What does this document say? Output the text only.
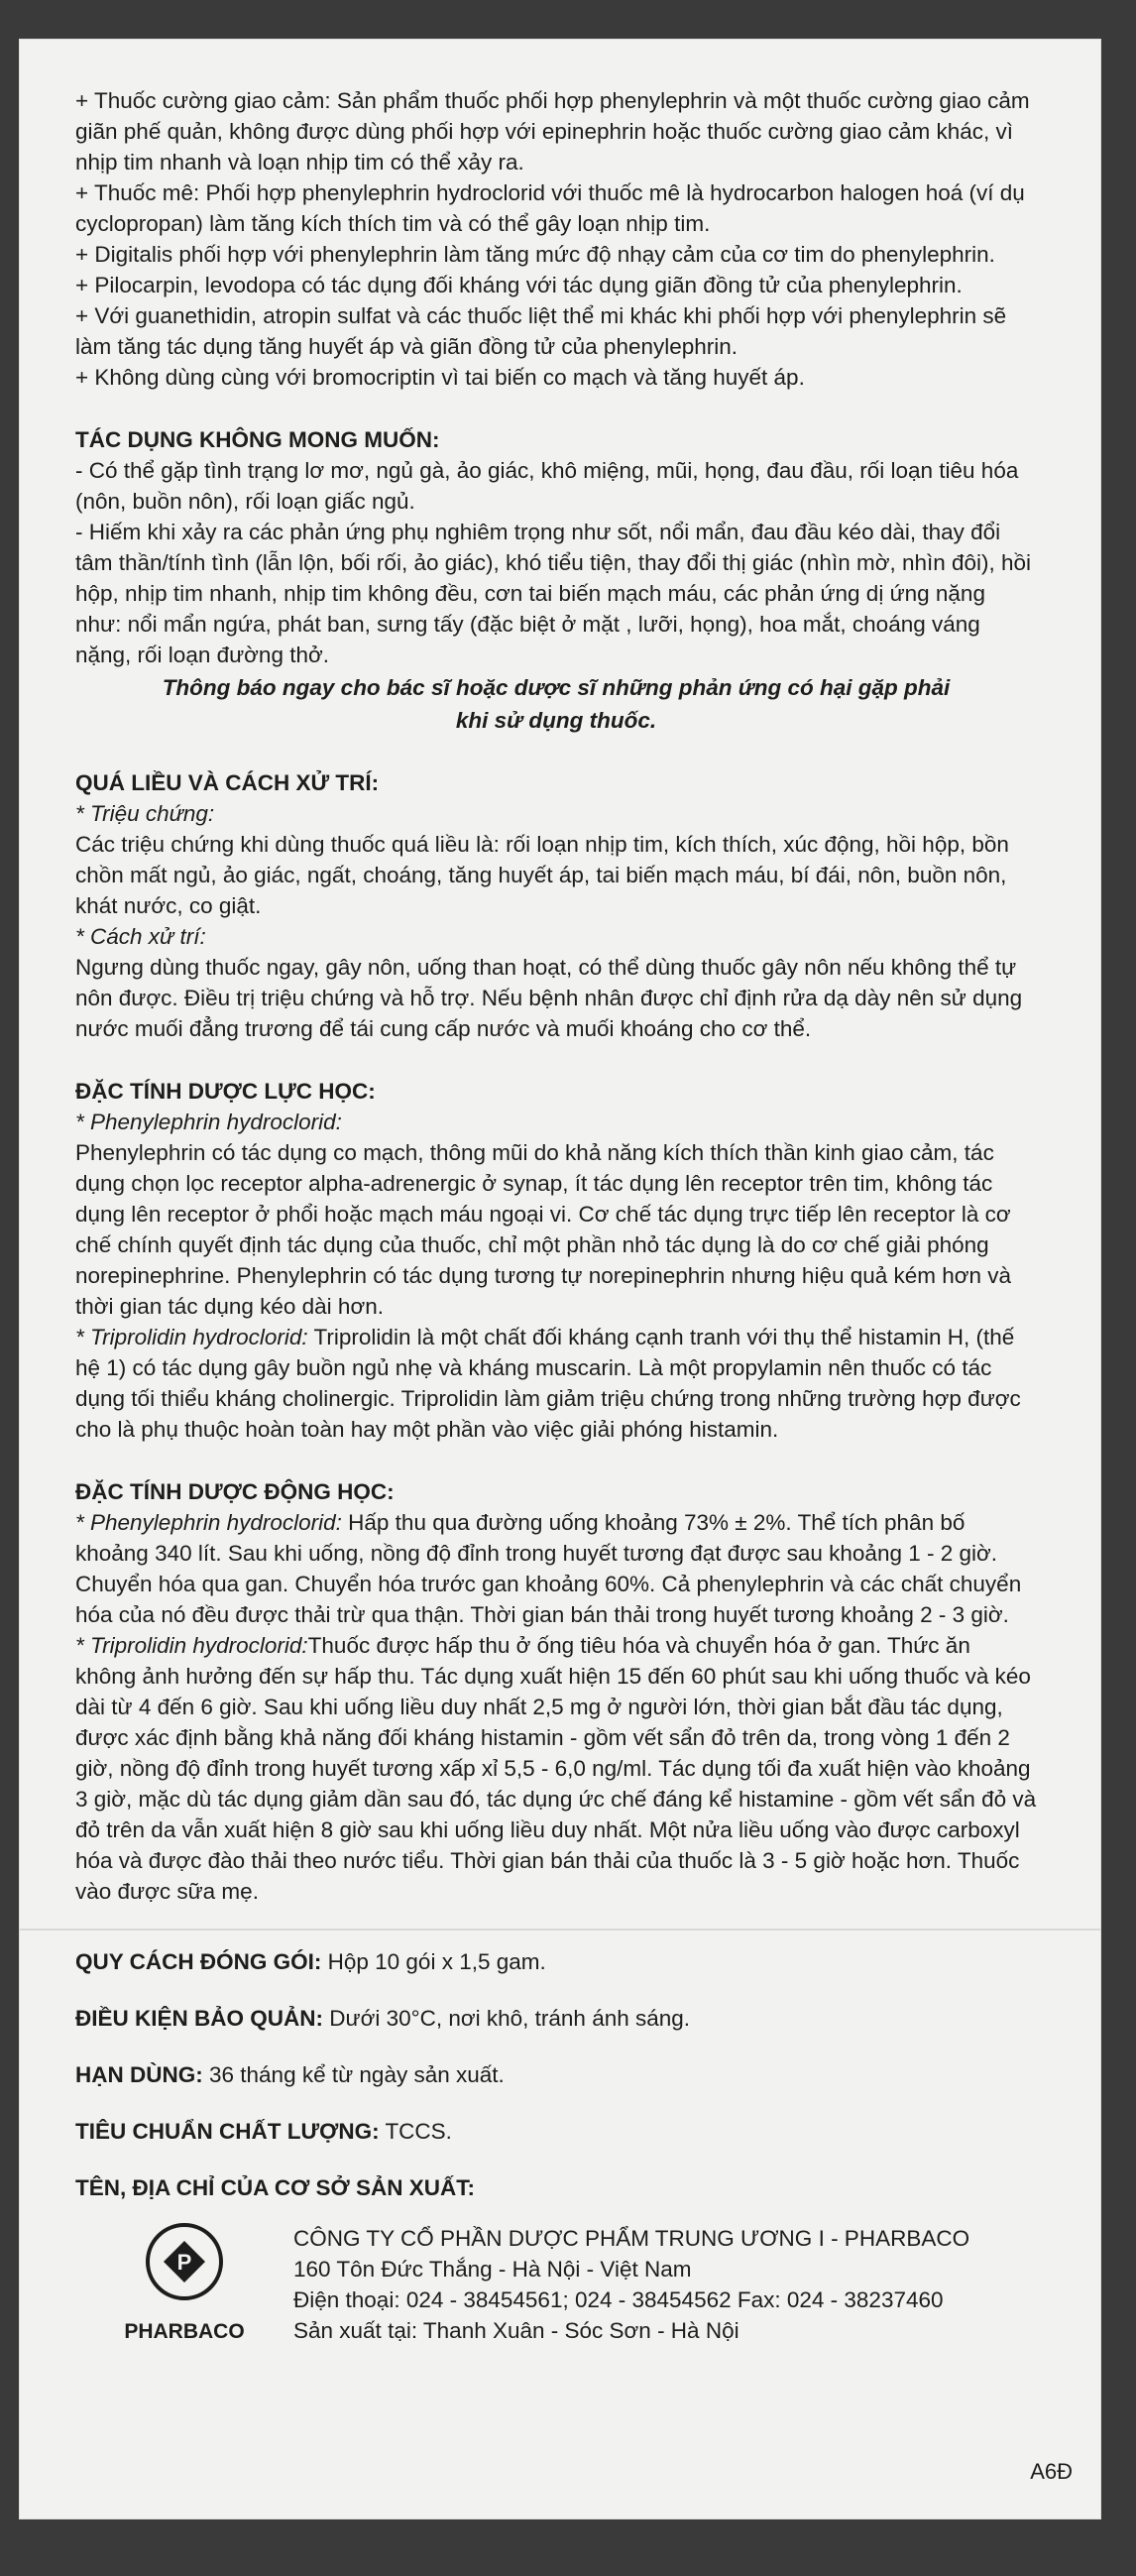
+ Thuốc cường giao cảm: Sản phẩm thuốc phối hợp phenylephrin và một thuốc cường giao cảm giãn phế quản, không được dùng phối hợp với epinephrin hoặc thuốc cường giao cảm khác, vì nhịp tim nhanh và loạn nhịp tim có thể xảy ra.

+ Thuốc mê: Phối hợp phenylephrin hydroclorid với thuốc mê là hydrocarbon halogen hoá (ví dụ cyclopropan) làm tăng kích thích tim và có thể gây loạn nhịp tim.

+ Digitalis phối hợp với phenylephrin làm tăng mức độ nhạy cảm của cơ tim do phenylephrin.

+ Pilocarpin, levodopa có tác dụng đối kháng với tác dụng giãn đồng tử của phenylephrin.

+ Với guanethidin, atropin sulfat và các thuốc liệt thể mi khác khi phối hợp với phenylephrin sẽ làm tăng tác dụng tăng huyết áp và giãn đồng tử của phenylephrin.

+ Không dùng cùng với bromocriptin vì tai biến co mạch và tăng huyết áp.

TÁC DỤNG KHÔNG MONG MUỐN:

- Có thể gặp tình trạng lơ mơ, ngủ gà, ảo giác, khô miệng, mũi, họng, đau đầu, rối loạn tiêu hóa (nôn, buồn nôn), rối loạn giấc ngủ.

- Hiếm khi xảy ra các phản ứng phụ nghiêm trọng như sốt, nổi mẩn, đau đầu kéo dài, thay đổi tâm thần/tính tình (lẫn lộn, bối rối, ảo giác), khó tiểu tiện, thay đổi thị giác (nhìn mờ, nhìn đôi), hồi hộp, nhịp tim nhanh, nhịp tim không đều, cơn tai biến mạch máu, các phản ứng dị ứng nặng như: nổi mẩn ngứa, phát ban, sưng tấy (đặc biệt ở mặt , lưỡi, họng), hoa mắt, choáng váng nặng, rối loạn đường thở.

Thông báo ngay cho bác sĩ hoặc dược sĩ những phản ứng có hại gặp phải

khi sử dụng thuốc.

QUÁ LIỀU VÀ CÁCH XỬ TRÍ:

* Triệu chứng:

Các triệu chứng khi dùng thuốc quá liều là: rối loạn nhịp tim, kích thích, xúc động, hồi hộp, bồn chồn mất ngủ, ảo giác, ngất, choáng, tăng huyết áp, tai biến mạch máu, bí đái, nôn, buồn nôn, khát nước, co giật.

* Cách xử trí:

Ngưng dùng thuốc ngay, gây nôn, uống than hoạt, có thể dùng thuốc gây nôn nếu không thể tự nôn được. Điều trị triệu chứng và hỗ trợ. Nếu bệnh nhân được chỉ định rửa dạ dày nên sử dụng nước muối đẳng trương để tái cung cấp nước và muối khoáng cho cơ thể.

ĐẶC TÍNH DƯỢC LỰC HỌC:

* Phenylephrin hydroclorid:

Phenylephrin có tác dụng co mạch, thông mũi do khả năng kích thích thần kinh giao cảm, tác dụng chọn lọc receptor alpha-adrenergic ở synap, ít tác dụng lên receptor trên tim, không tác dụng lên receptor ở phổi hoặc mạch máu ngoại vi. Cơ chế tác dụng trực tiếp lên receptor là cơ chế chính quyết định tác dụng của thuốc, chỉ một phần nhỏ tác dụng là do cơ chế giải phóng norepinephrine. Phenylephrin có tác dụng tương tự norepinephrin nhưng hiệu quả kém hơn và thời gian tác dụng kéo dài hơn.

* Triprolidin hydroclorid: Triprolidin là một chất đối kháng cạnh tranh với thụ thể histamin H, (thế hệ 1) có tác dụng gây buồn ngủ nhẹ và kháng muscarin. Là một propylamin nên thuốc có tác dụng tối thiểu kháng cholinergic. Triprolidin làm giảm triệu chứng trong những trường hợp được cho là phụ thuộc hoàn toàn hay một phần vào việc giải phóng histamin.

ĐẶC TÍNH DƯỢC ĐỘNG HỌC:

* Phenylephrin hydroclorid: Hấp thu qua đường uống khoảng 73% ± 2%. Thể tích phân bố khoảng 340 lít. Sau khi uống, nồng độ đỉnh trong huyết tương đạt được sau khoảng 1 - 2 giờ. Chuyển hóa qua gan. Chuyển hóa trước gan khoảng 60%. Cả phenylephrin và các chất chuyển hóa của nó đều được thải trừ qua thận. Thời gian bán thải trong huyết tương khoảng 2 - 3 giờ.

* Triprolidin hydroclorid:Thuốc được hấp thu ở ống tiêu hóa và chuyển hóa ở gan. Thức ăn không ảnh hưởng đến sự hấp thu. Tác dụng xuất hiện 15 đến 60 phút sau khi uống thuốc và kéo dài từ 4 đến 6 giờ. Sau khi uống liều duy nhất 2,5 mg ở người lớn, thời gian bắt đầu tác dụng, được xác định bằng khả năng đối kháng histamin - gồm vết sẩn đỏ trên da, trong vòng 1 đến 2 giờ, nồng độ đỉnh trong huyết tương xấp xỉ 5,5 - 6,0 ng/ml. Tác dụng tối đa xuất hiện vào khoảng 3 giờ, mặc dù tác dụng giảm dần sau đó, tác dụng ức chế đáng kể histamine - gồm vết sẩn đỏ và đỏ trên da vẫn xuất hiện 8 giờ sau khi uống liều duy nhất. Một nửa liều uống vào được carboxyl hóa và được đào thải theo nước tiểu. Thời gian bán thải của thuốc là 3 - 5 giờ hoặc hơn. Thuốc vào được sữa mẹ.

QUY CÁCH ĐÓNG GÓI: Hộp 10 gói x 1,5 gam.

ĐIỀU KIỆN BẢO QUẢN: Dưới 30°C, nơi khô, tránh ánh sáng.

HẠN DÙNG: 36 tháng kể từ ngày sản xuất.

TIÊU CHUẨN CHẤT LƯỢNG: TCCS.

TÊN, ĐỊA CHỈ CỦA CƠ SỞ SẢN XUẤT:

P
PHARBACO

CÔNG TY CỔ PHẦN DƯỢC PHẨM TRUNG ƯƠNG I - PHARBACO

160 Tôn Đức Thắng - Hà Nội - Việt Nam

Điện thoại: 024 - 38454561; 024 - 38454562 Fax: 024 - 38237460

Sản xuất tại: Thanh Xuân - Sóc Sơn - Hà Nội

A6Đ
